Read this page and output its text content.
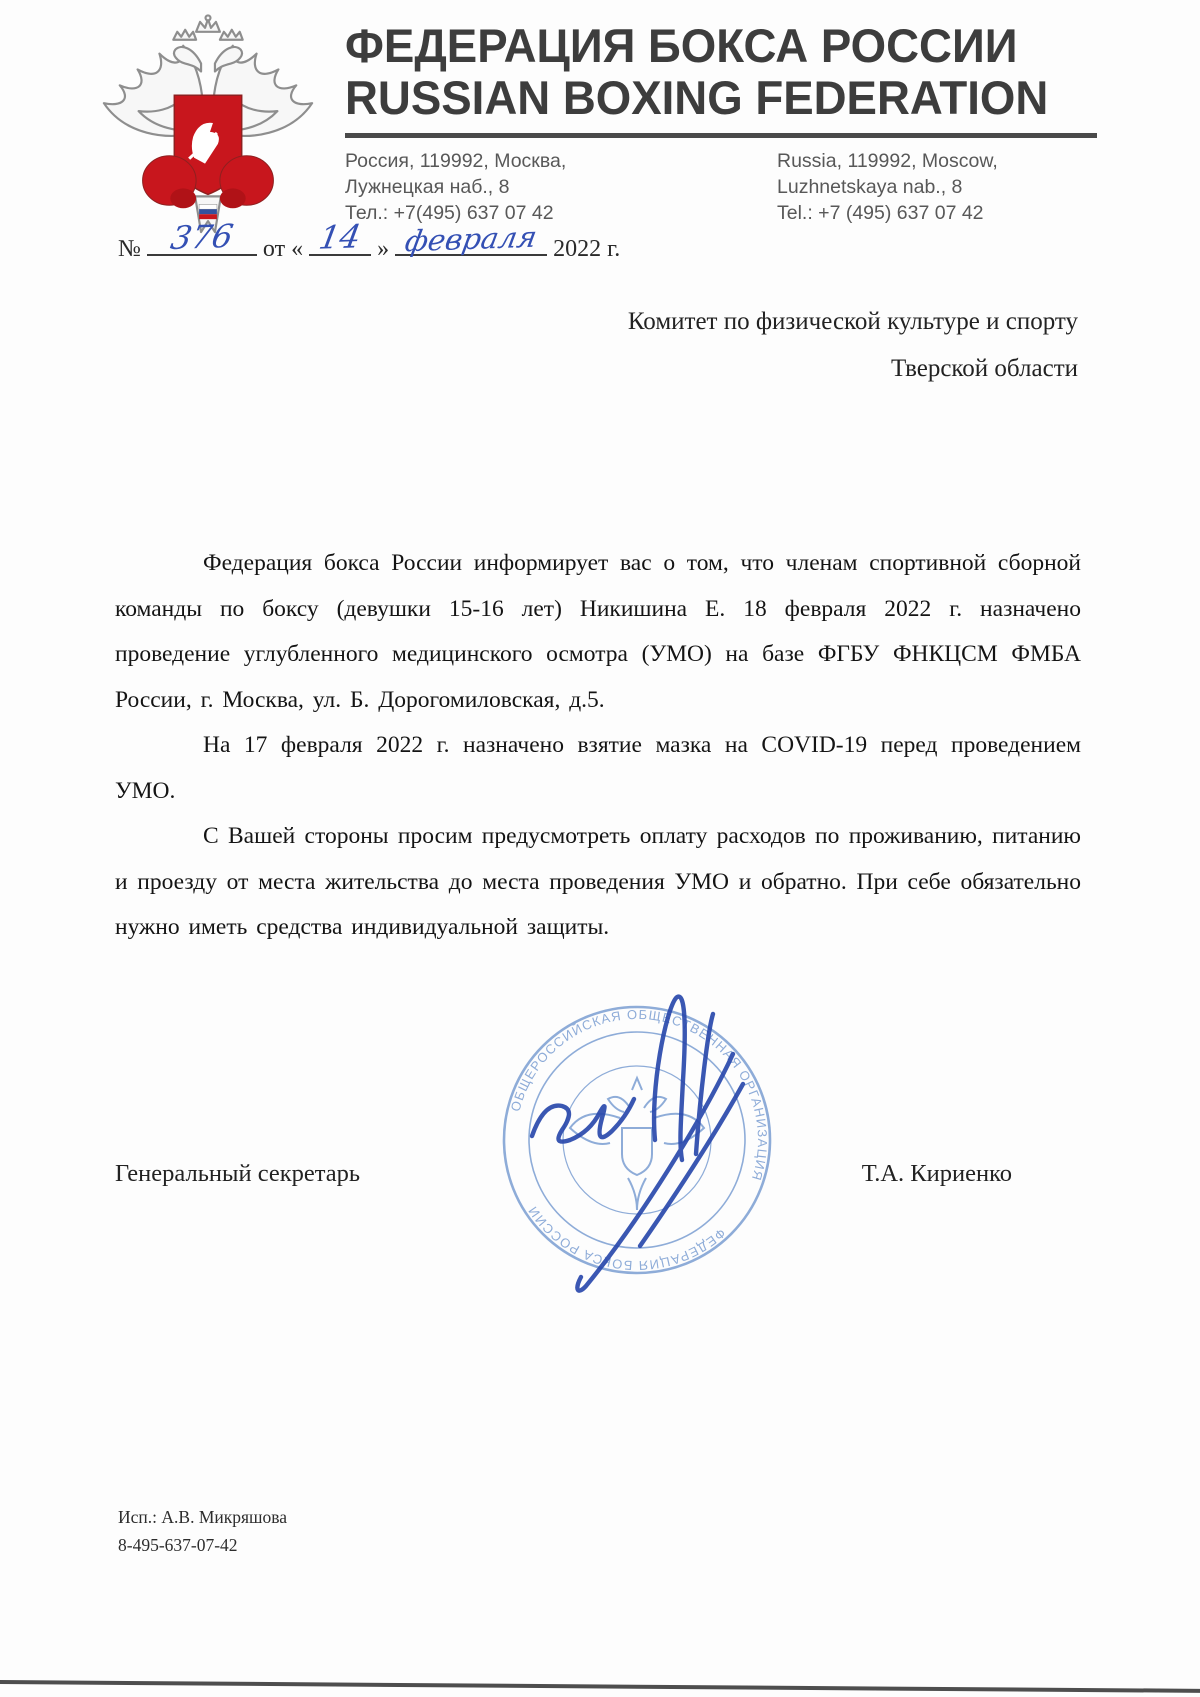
ФЕДЕРАЦИЯ БОКСА РОССИИ
RUSSIAN BOXING FEDERATION
Россия, 119992, Москва,
Лужнецкая наб., 8
Тел.: +7(495) 637 07 42
Russia, 119992, Moscow,
Luzhnetskaya nab., 8
Tel.: +7 (495) 637 07 42
№ 376	от « 14 » февраля 2022 г.
Комитет по физической культуре и спорту
Тверской области

Федерация бокса России информирует вас о том, что членам спортивной сборной команды по боксу (девушки 15-16 лет) Никишина Е. 18 февраля 2022 г. назначено проведение углубленного медицинского осмотра (УМО) на базе ФГБУ ФНКЦСМ ФМБА России, г. Москва, ул. Б. Дорогомиловская, д.5.

На 17 февраля 2022 г. назначено взятие мазка на COVID-19 перед проведением УМО.

С Вашей стороны просим предусмотреть оплату расходов по проживанию, питанию и проезду от места жительства до места проведения УМО и обратно. При себе обязательно нужно иметь средства индивидуальной защиты.

ОБЩЕРОССИЙСКАЯ ОБЩЕСТВЕННАЯ ОРГАНИЗАЦИЯ ФЕДЕРАЦИЯ БОКСА РОССИИ
Генеральный секретарь	Т.А. Кириенко
Исп.: А.В. Микряшова
8-495-637-07-42
